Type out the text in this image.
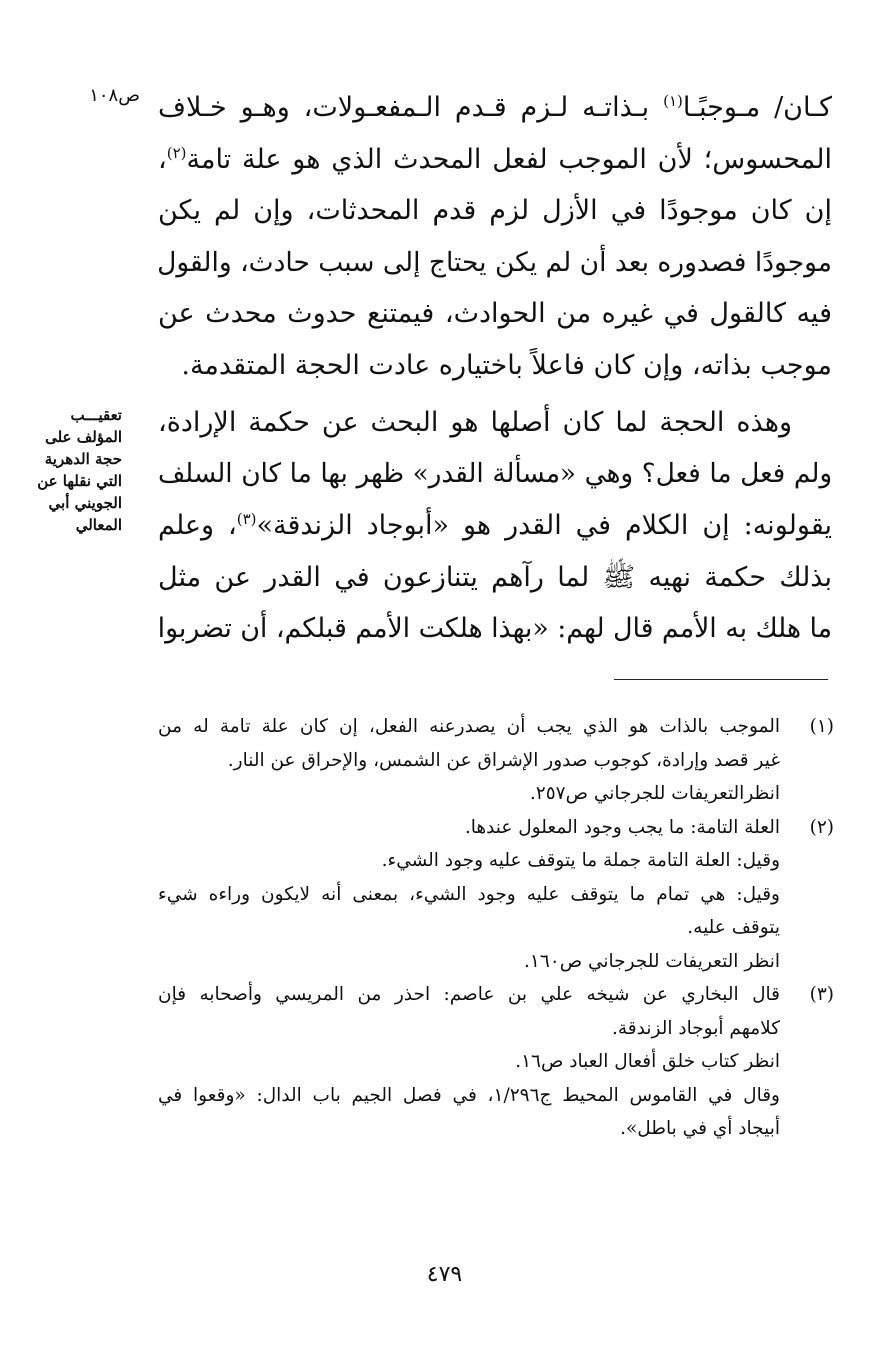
ص١٠٨
تعقيـــب
المؤلف على
حجة الدهرية
التي نقلها عن
الجويني أبي
المعالي
كـان/ مـوجبًـا$^{(١)}$ بـذاتـه لـزم قـدم الـمفعـولات، وهـو خـلاف
المحسوس؛ لأن الموجب لفعل المحدث الذي هو علة تامة$^{(٢)}$،
إن كان موجودًا في الأزل لزم قدم المحدثات، وإن لم يكن
موجودًا فصدوره بعد أن لم يكن يحتاج إلى سبب حادث، والقول
فيه كالقول في غيره من الحوادث، فيمتنع حدوث محدث عن
موجب بذاته، وإن كان فاعلاً باختياره عادت الحجة المتقدمة.
وهذه الحجة لما كان أصلها هو البحث عن حكمة الإرادة،
ولم فعل ما فعل؟ وهي «مسألة القدر» ظهر بها ما كان السلف
يقولونه: إن الكلام في القدر هو «أبوجاد الزندقة»$^{(٣)}$، وعلم
بذلك حكمة نهيه ﷺ لما رآهم يتنازعون في القدر عن مثل
ما هلك به الأمم قال لهم: «بهذا هلكت الأمم قبلكم، أن تضربوا
(١)
الموجب بالذات هو الذي يجب أن يصدرعنه الفعل، إن كان علة تامة له من
غير قصد وإرادة، كوجوب صدور الإشراق عن الشمس، والإحراق عن النار.
انظرالتعريفات للجرجاني ص٢٥٧.
(٢)
العلة التامة: ما يجب وجود المعلول عندها.
وقيل: العلة التامة جملة ما يتوقف عليه وجود الشيء.
وقيل: هي تمام ما يتوقف عليه وجود الشيء، بمعنى أنه لايكون وراءه شيء
يتوقف عليه.
انظر التعريفات للجرجاني ص١٦٠.
(٣)
قال البخاري عن شيخه علي بن عاصم: احذر من المريسي وأصحابه فإن
كلامهم أبوجاد الزندقة.
انظر كتاب خلق أفعال العباد ص١٦.
وقال في القاموس المحيط ج١/٢٩٦، في فصل الجيم باب الدال: «وقعوا في
أبيجاد أي في باطل».
٤٧٩
